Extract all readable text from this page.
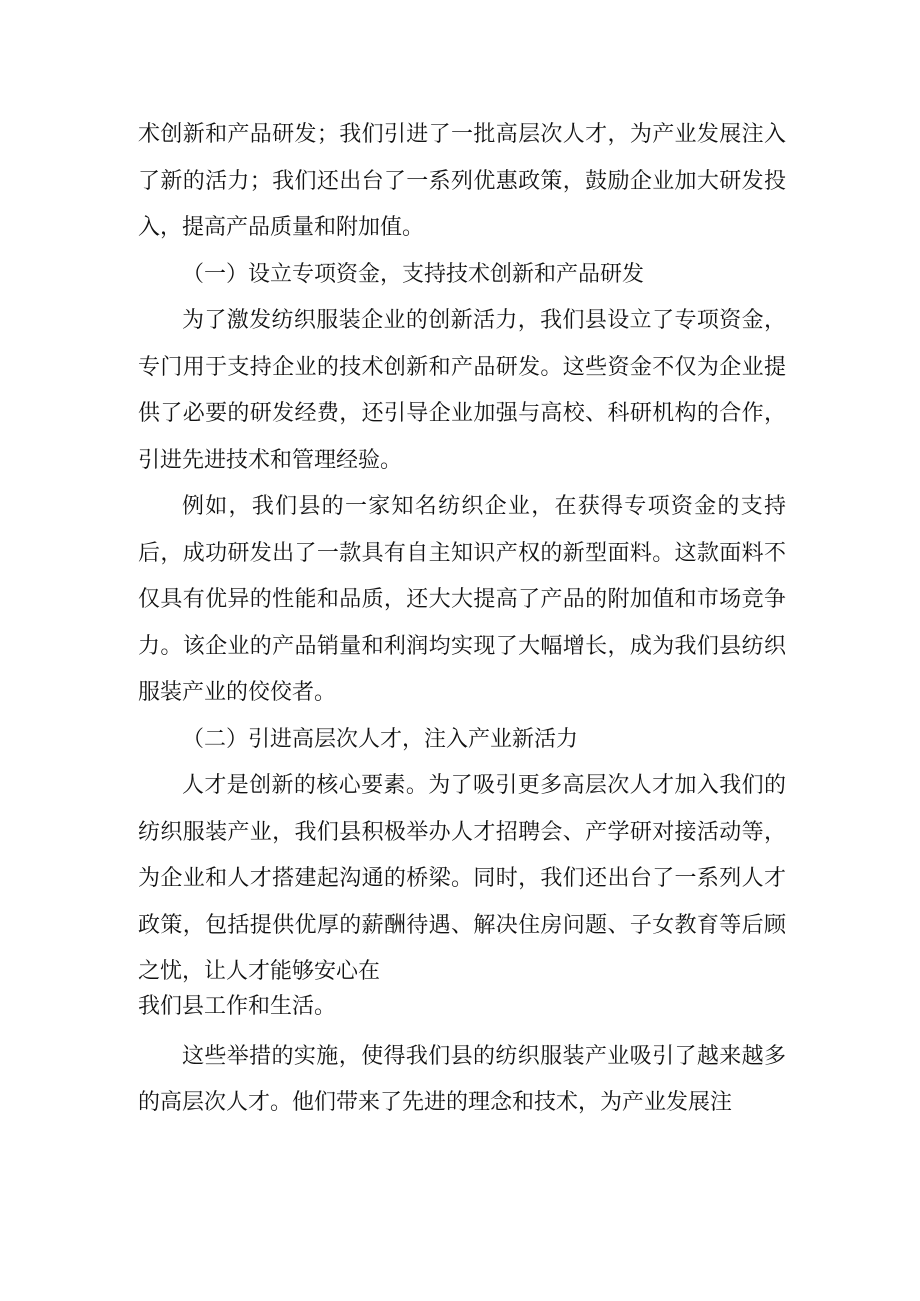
术创新和产品研发；我们引进了一批高层次人才，为产业发展注入了新的活力；我们还出台了一系列优惠政策，鼓励企业加大研发投入，提高产品质量和附加值。

（一）设立专项资金，支持技术创新和产品研发

为了激发纺织服装企业的创新活力，我们县设立了专项资金，专门用于支持企业的技术创新和产品研发。这些资金不仅为企业提供了必要的研发经费，还引导企业加强与高校、科研机构的合作，引进先进技术和管理经验。

例如，我们县的一家知名纺织企业，在获得专项资金的支持后，成功研发出了一款具有自主知识产权的新型面料。这款面料不仅具有优异的性能和品质，还大大提高了产品的附加值和市场竞争力。该企业的产品销量和利润均实现了大幅增长，成为我们县纺织服装产业的佼佼者。

（二）引进高层次人才，注入产业新活力

人才是创新的核心要素。为了吸引更多高层次人才加入我们的纺织服装产业，我们县积极举办人才招聘会、产学研对接活动等，为企业和人才搭建起沟通的桥梁。同时，我们还出台了一系列人才政策，包括提供优厚的薪酬待遇、解决住房问题、子女教育等后顾之忧，让人才能够安心在

我们县工作和生活。

这些举措的实施，使得我们县的纺织服装产业吸引了越来越多的高层次人才。他们带来了先进的理念和技术，为产业发展注
